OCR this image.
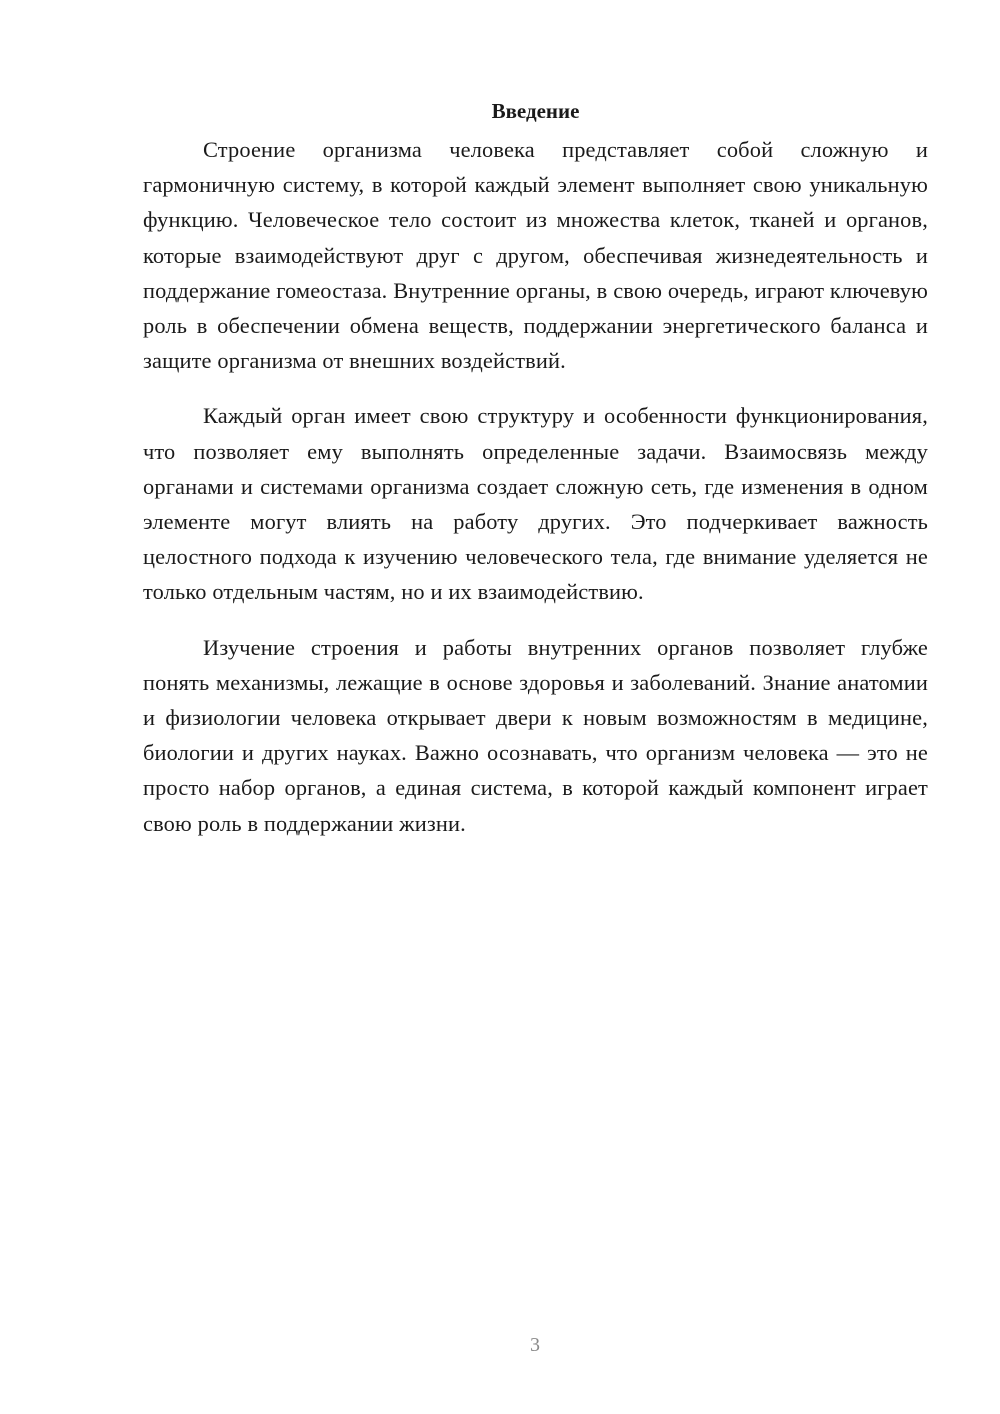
Введение

Строение организма человека представляет собой сложную и гармоничную систему, в которой каждый элемент выполняет свою уникальную функцию. Человеческое тело состоит из множества клеток, тканей и органов, которые взаимодействуют друг с другом, обеспечивая жизнедеятельность и поддержание гомеостаза. Внутренние органы, в свою очередь, играют ключевую роль в обеспечении обмена веществ, поддержании энергетического баланса и защите организма от внешних воздействий.

Каждый орган имеет свою структуру и особенности функционирования, что позволяет ему выполнять определенные задачи. Взаимосвязь между органами и системами организма создает сложную сеть, где изменения в одном элементе могут влиять на работу других. Это подчеркивает важность целостного подхода к изучению человеческого тела, где внимание уделяется не только отдельным частям, но и их взаимодействию.

Изучение строения и работы внутренних органов позволяет глубже понять механизмы, лежащие в основе здоровья и заболеваний. Знание анатомии и физиологии человека открывает двери к новым возможностям в медицине, биологии и других науках. Важно осознавать, что организм человека — это не просто набор органов, а единая система, в которой каждый компонент играет свою роль в поддержании жизни.

3
